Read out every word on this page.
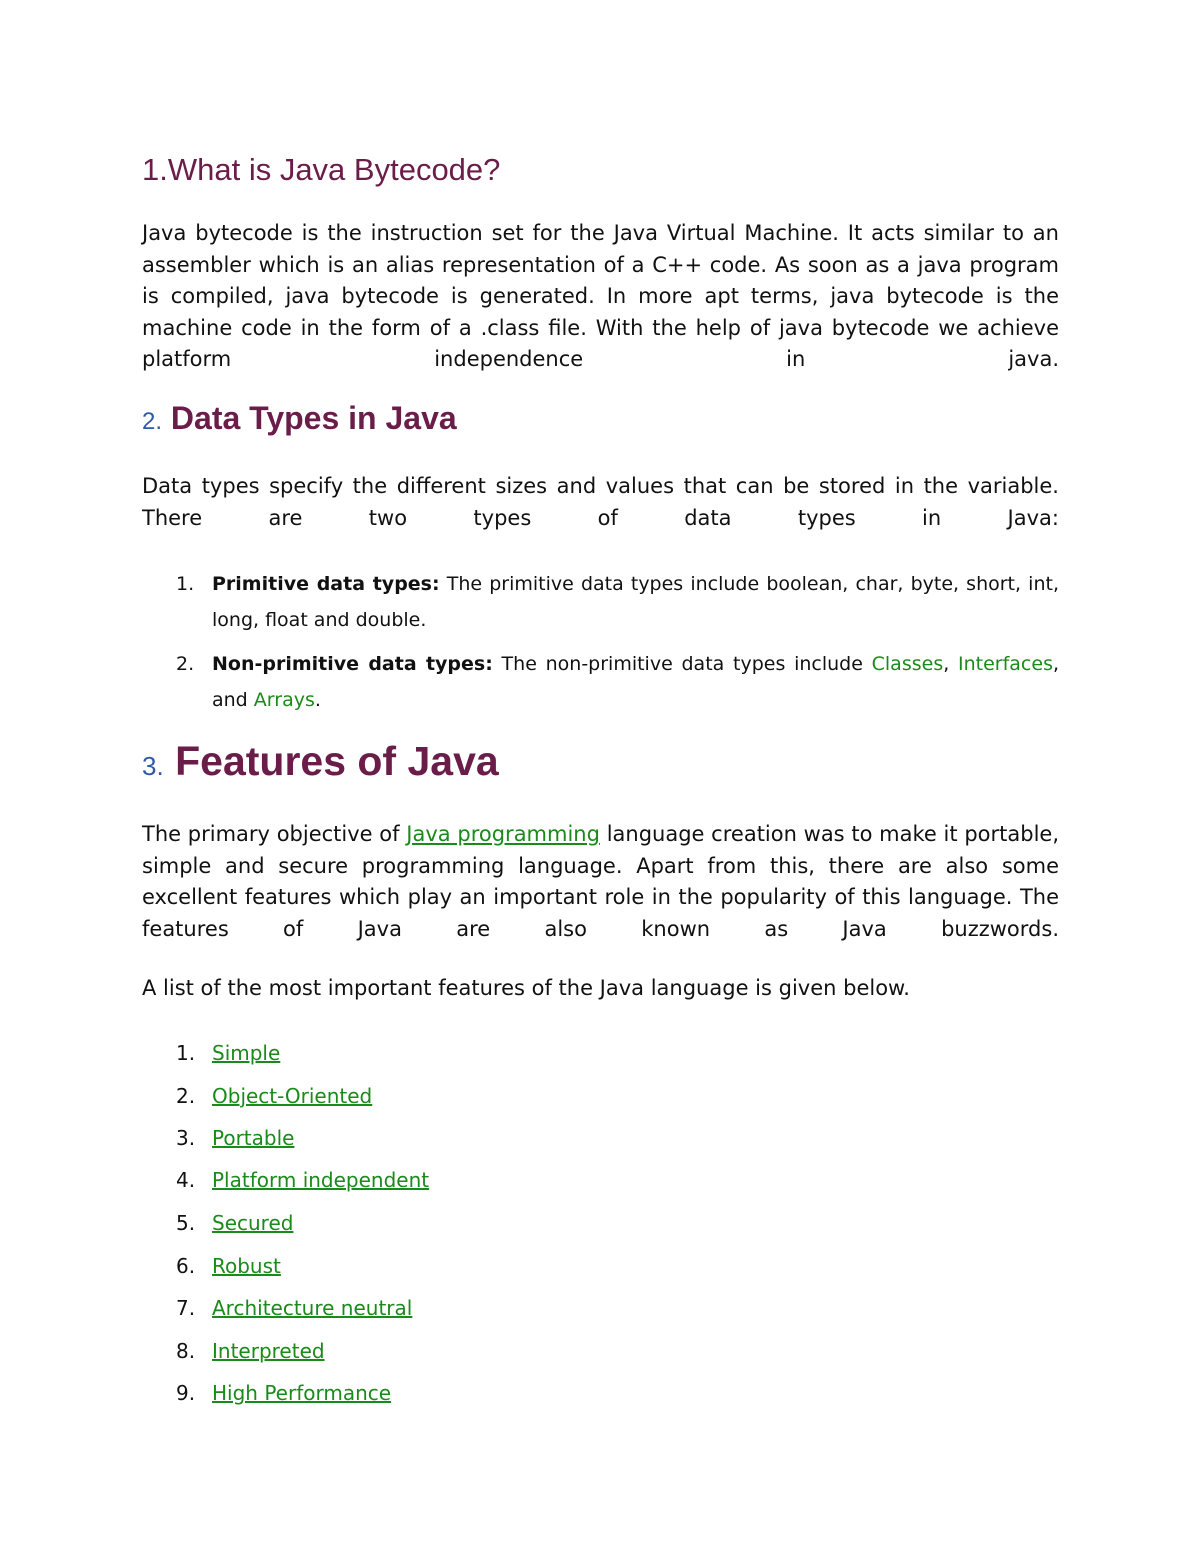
1.What is Java Bytecode?

Java bytecode is the instruction set for the Java Virtual Machine. It acts similar to an assembler which is an alias representation of a C++ code. As soon as a java program is compiled, java bytecode is generated. In more apt terms, java bytecode is the machine code in the form of a .class file. With the help of java bytecode we achieve platform independence in java.

2. Data Types in Java

Data types specify the different sizes and values that can be stored in the variable. There are two types of data types in Java:

1. Primitive data types: The primitive data types include boolean, char, byte, short, int, long, float and double.
2. Non-primitive data types: The non-primitive data types include Classes, Interfaces, and Arrays.
3. Features of Java

The primary objective of Java programming language creation was to make it portable, simple and secure programming language. Apart from this, there are also some excellent features which play an important role in the popularity of this language. The features of Java are also known as Java buzzwords.

A list of the most important features of the Java language is given below.

1. Simple
2. Object-Oriented
3. Portable
4. Platform independent
5. Secured
6. Robust
7. Architecture neutral
8. Interpreted
9. High Performance
